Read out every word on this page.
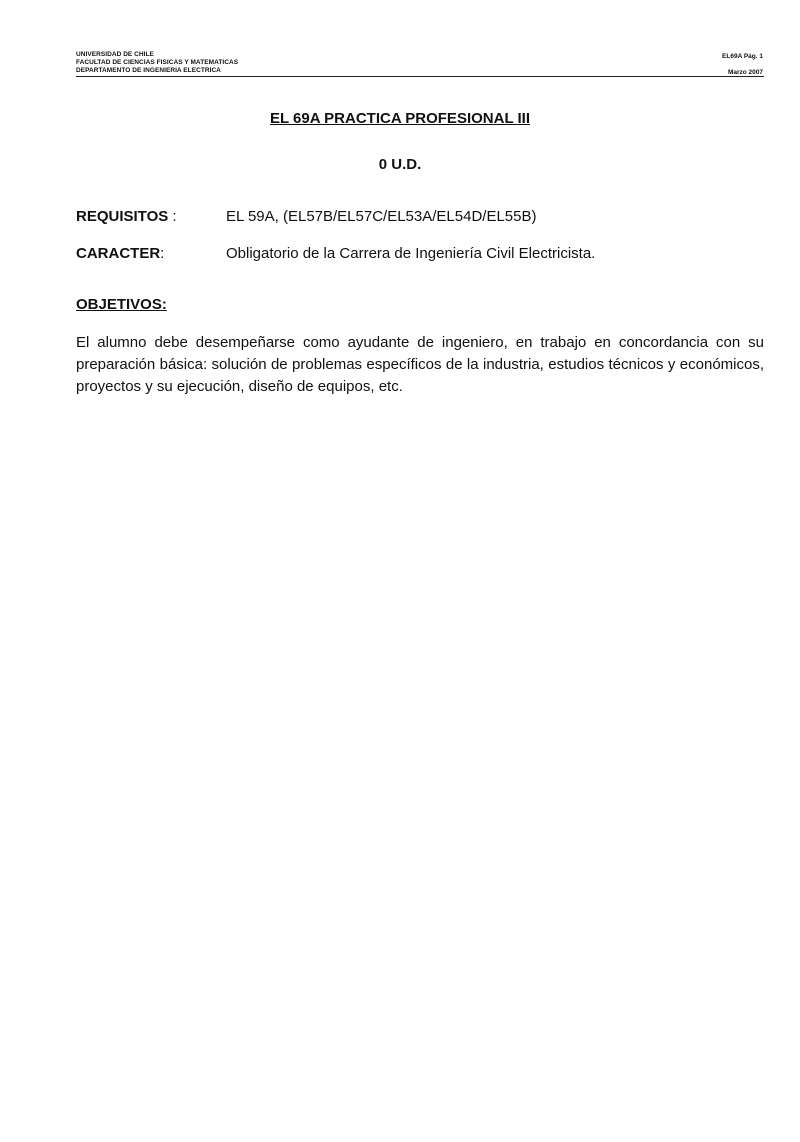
UNIVERSIDAD DE CHILE
FACULTAD DE CIENCIAS FISICAS Y MATEMATICAS
DEPARTAMENTO DE INGENIERIA ELECTRICA
EL69A Pág. 1
Marzo 2007
EL 69A PRACTICA PROFESIONAL III
0 U.D.
REQUISITOS :	EL 59A, (EL57B/EL57C/EL53A/EL54D/EL55B)
CARACTER:	Obligatorio de la Carrera de Ingeniería Civil Electricista.
OBJETIVOS:
El alumno debe desempeñarse como ayudante de ingeniero, en trabajo en concordancia con su preparación básica: solución de problemas específicos de la industria, estudios técnicos y económicos, proyectos y su ejecución, diseño de equipos, etc.
